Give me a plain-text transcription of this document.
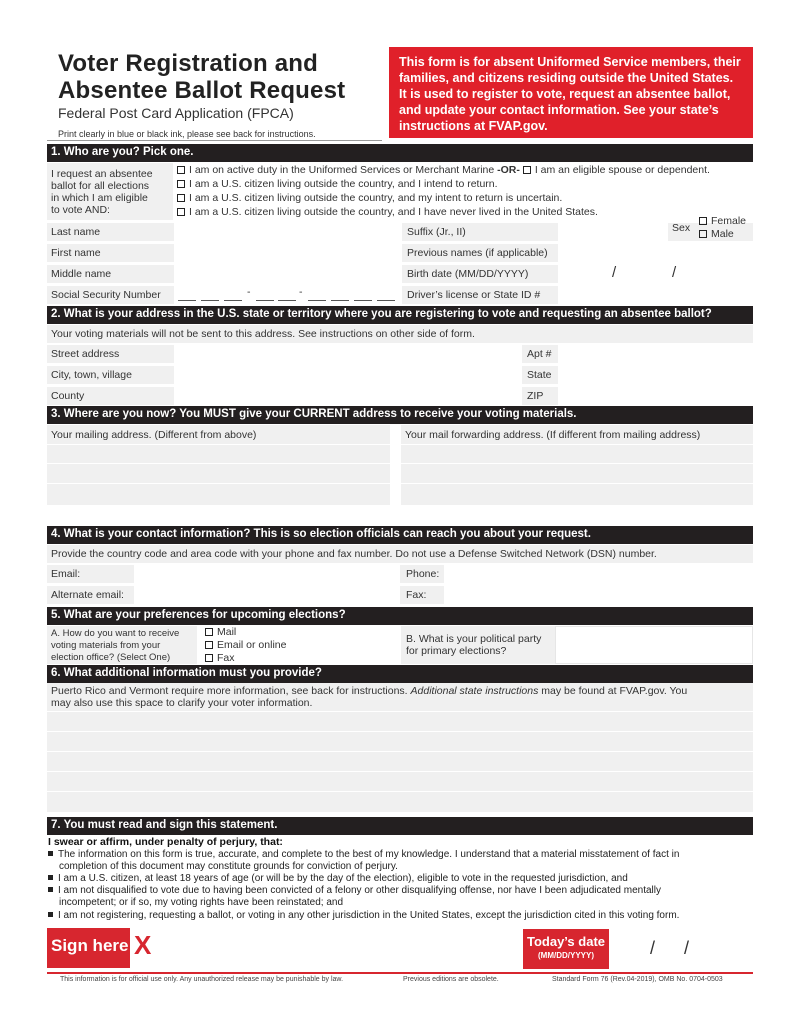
Voter Registration and
Absentee Ballot Request
Federal Post Card Application (FPCA)
This form is for absent Uniformed Service members, their families, and citizens residing outside the United States. It is used to register to vote, request an absentee ballot, and update your contact information. See your state’s instructions at FVAP.gov.
Print clearly in blue or black ink, please see back for instructions.
1. Who are you? Pick one.
I request an absentee
ballot for all elections
in which I am eligible
to vote AND:
I am on active duty in the Uniformed Services or Merchant Marine -OR- I am an eligible spouse or dependent.
I am a U.S. citizen living outside the country, and I intend to return.
I am a U.S. citizen living outside the country, and my intent to return is uncertain.
I am a U.S. citizen living outside the country, and I have never lived in the United States.
Last name	Suffix (Jr., II)	Sex
Female
Male
First name	Previous names (if applicable)
Middle name	Birth date (MM/DD/YYYY)	/	/
Social Security Number	Driver’s license or State ID #
-	-
2. What is your address in the U.S. state or territory where you are registering to vote and requesting an absentee ballot?
Your voting materials will not be sent to this address. See instructions on other side of form.
Street address	Apt #
City, town, village	State
County	ZIP
3. Where are you now? You MUST give your CURRENT address to receive your voting materials.
Your mailing address. (Different from above)	Your mail forwarding address. (If different from mailing address)
4. What is your contact information? This is so election officials can reach you about your request.
Provide the country code and area code with your phone and fax number. Do not use a Defense Switched Network (DSN) number.
Email:	Phone:
Alternate email:	Fax:
5. What are your preferences for upcoming elections?
A. How do you want to receive
voting materials from your
election office? (Select One)
Mail
Email or online
Fax
B. What is your political party
for primary elections?
6. What additional information must you provide?
Puerto Rico and Vermont require more information, see back for instructions. Additional state instructions may be found at FVAP.gov. You
may also use this space to clarify your voter information.
7. You must read and sign this statement.
I swear or affirm, under penalty of perjury, that:
The information on this form is true, accurate, and complete to the best of my knowledge. I understand that a material misstatement of fact in
completion of this document may constitute grounds for conviction of perjury.
I am a U.S. citizen, at least 18 years of age (or will be by the day of the election), eligible to vote in the requested jurisdiction, and
I am not disqualified to vote due to having been convicted of a felony or other disqualifying offense, nor have I been adjudicated mentally
incompetent; or if so, my voting rights have been reinstated; and
I am not registering, requesting a ballot, or voting in any other jurisdiction in the United States, except the jurisdiction cited in this voting form.
Sign here X	Today’s date
(MM/DD/YYYY)	/ /
This information is for official use only. Any unauthorized release may be punishable by law.	Previous editions are obsolete.	Standard Form 76 (Rev.04-2019), OMB No. 0704-0503
